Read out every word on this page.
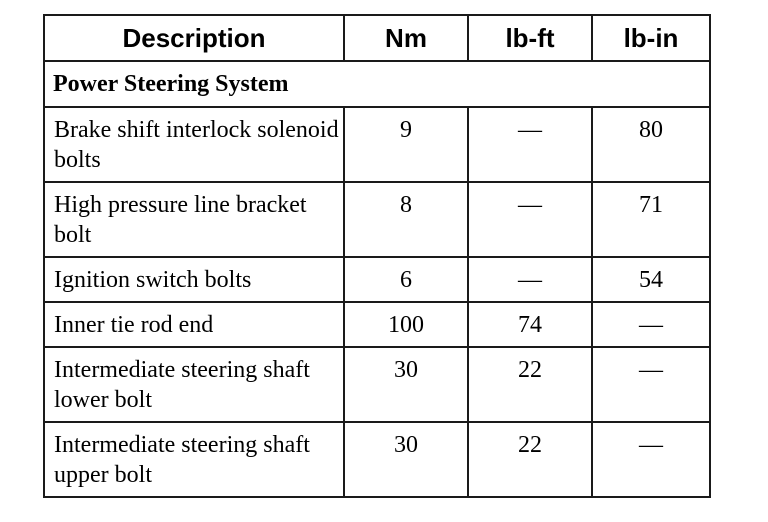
Description	Nm	lb-ft	lb-in
Power Steering System			
Brake shift interlock solenoid bolts	9	—	80
High pressure line bracket bolt	8	—	71
Ignition switch bolts	6	—	54
Inner tie rod end	100	74	—
Intermediate steering shaft lower bolt	30	22	—
Intermediate steering shaft upper bolt	30	22	—
